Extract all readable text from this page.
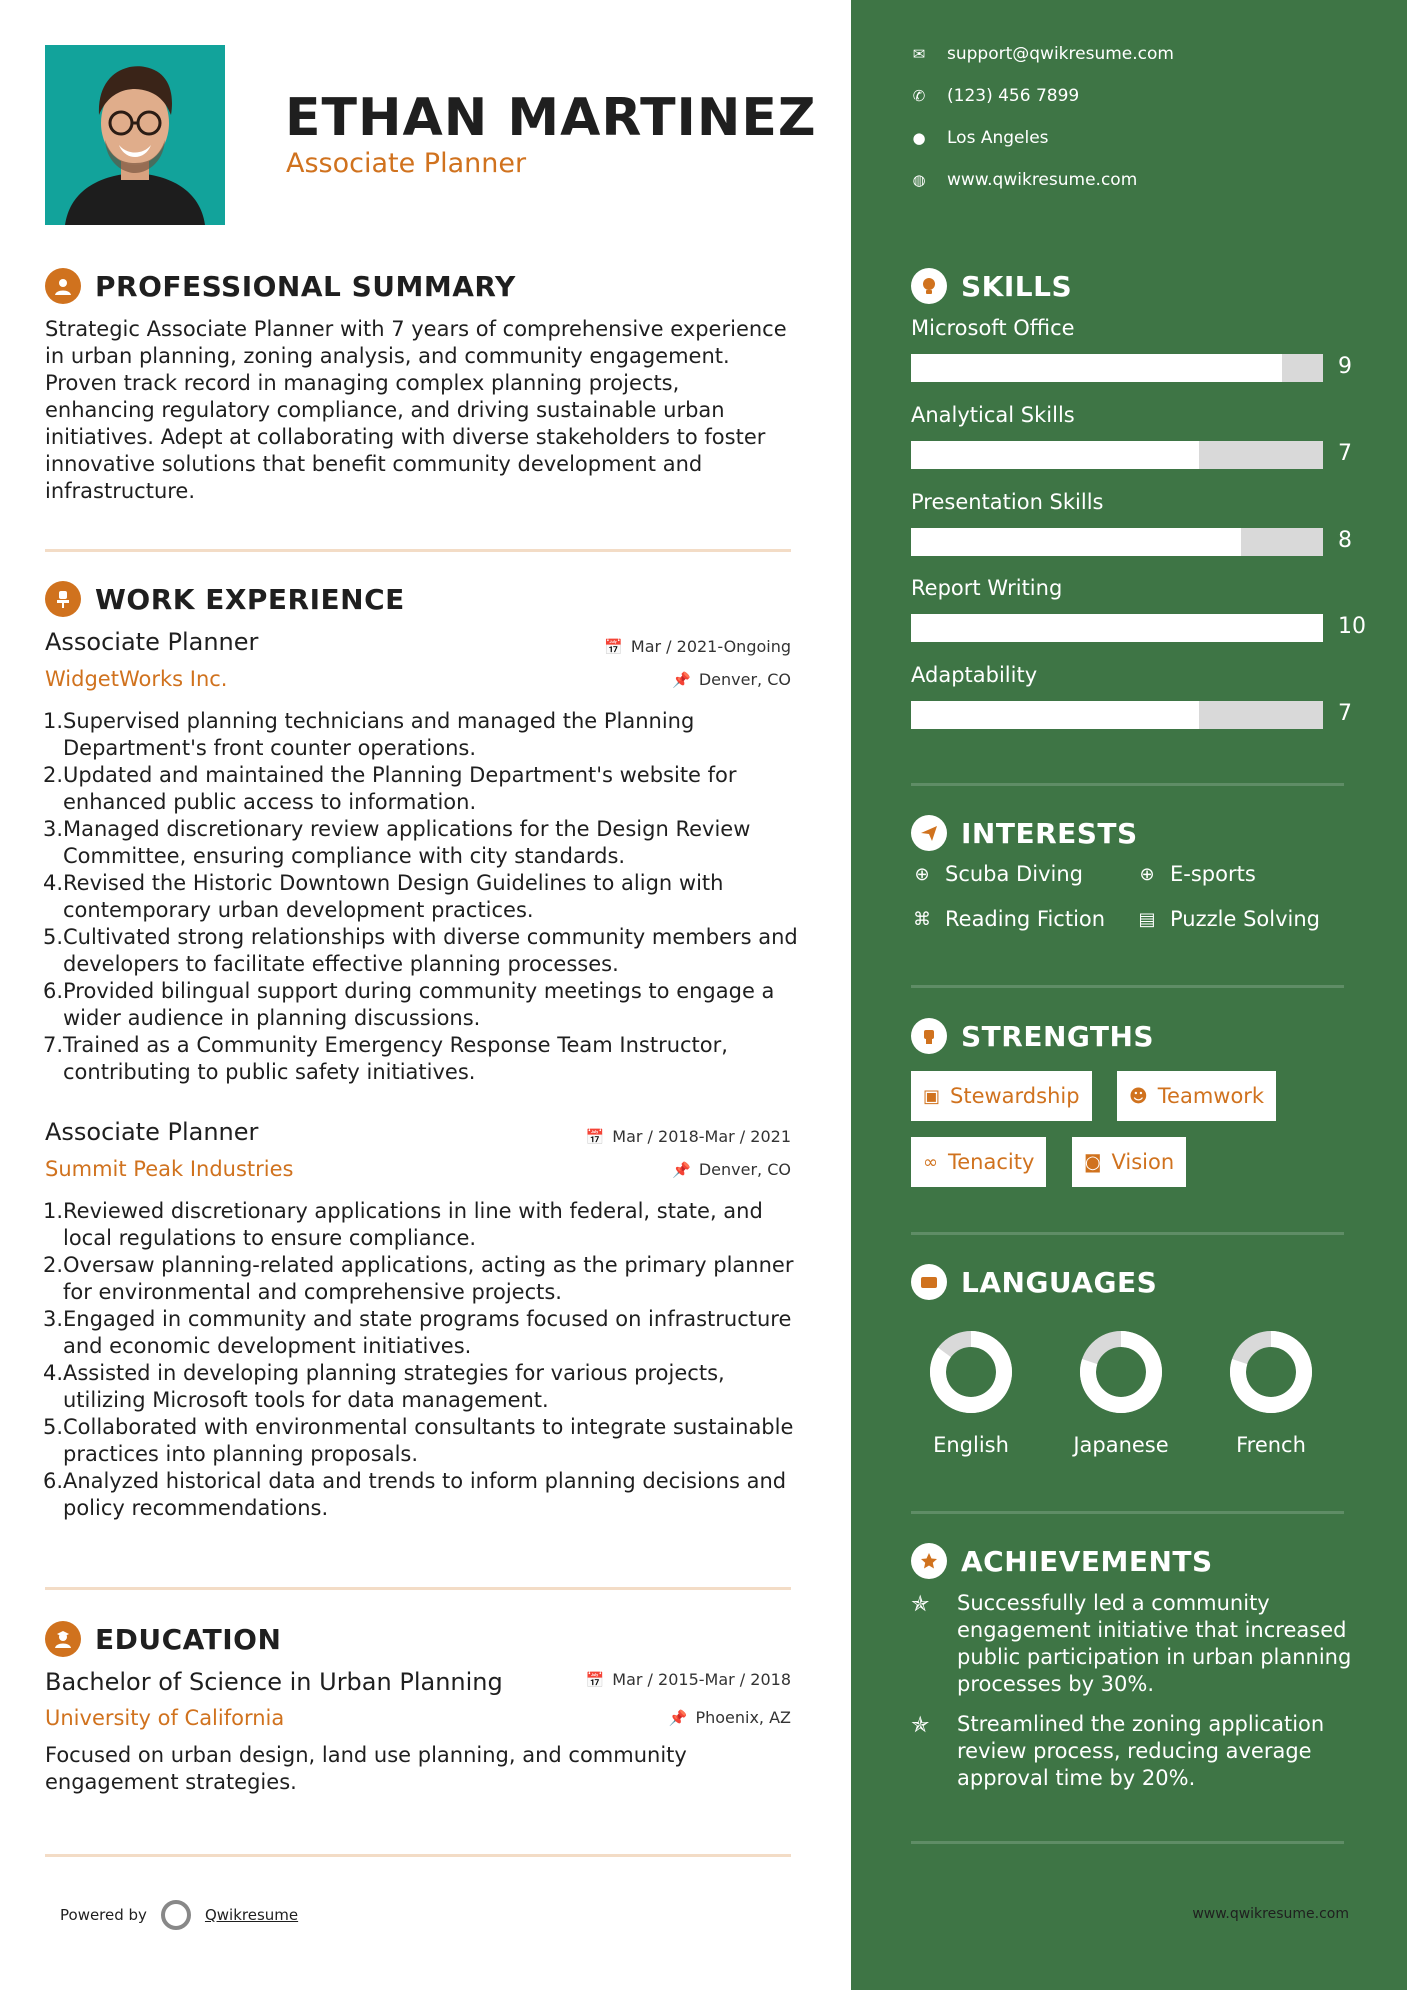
ETHAN MARTINEZ
Associate Planner
PROFESSIONAL SUMMARY
Strategic Associate Planner with 7 years of comprehensive experience in urban planning, zoning analysis, and community engagement. Proven track record in managing complex planning projects, enhancing regulatory compliance, and driving sustainable urban initiatives. Adept at collaborating with diverse stakeholders to foster innovative solutions that benefit community development and infrastructure.
WORK EXPERIENCE
Associate Planner	📅 Mar / 2021-Ongoing
WidgetWorks Inc.	📌 Denver, CO
1. Supervised planning technicians and managed the Planning Department's front counter operations.
2. Updated and maintained the Planning Department's website for enhanced public access to information.
3. Managed discretionary review applications for the Design Review Committee, ensuring compliance with city standards.
4. Revised the Historic Downtown Design Guidelines to align with contemporary urban development practices.
5. Cultivated strong relationships with diverse community members and developers to facilitate effective planning processes.
6. Provided bilingual support during community meetings to engage a wider audience in planning discussions.
7. Trained as a Community Emergency Response Team Instructor, contributing to public safety initiatives.
Associate Planner	📅 Mar / 2018-Mar / 2021
Summit Peak Industries	📌 Denver, CO
1. Reviewed discretionary applications in line with federal, state, and local regulations to ensure compliance.
2. Oversaw planning-related applications, acting as the primary planner for environmental and comprehensive projects.
3. Engaged in community and state programs focused on infrastructure and economic development initiatives.
4. Assisted in developing planning strategies for various projects, utilizing Microsoft tools for data management.
5. Collaborated with environmental consultants to integrate sustainable practices into planning proposals.
6. Analyzed historical data and trends to inform planning decisions and policy recommendations.
EDUCATION
Bachelor of Science in Urban Planning	📅 Mar / 2015-Mar / 2018
University of California	📌 Phoenix, AZ
Focused on urban design, land use planning, and community engagement strategies.
Powered by	Qwikresume
✉ support@qwikresume.com
✆ (123) 456 7899
● Los Angeles
◍ www.qwikresume.com
SKILLS
Microsoft Office
9
Analytical Skills
7
Presentation Skills
8
Report Writing
10
Adaptability
7
INTERESTS
⊕ Scuba Diving	⊕ E-sports
⌘ Reading Fiction ▤ Puzzle Solving
STRENGTHS
▣ Stewardship	☻ Teamwork
∞ Tenacity	◙ Vision
LANGUAGES
English	Japanese	French
ACHIEVEMENTS
✯	Successfully led a community engagement initiative that increased public participation in urban planning processes by 30%.
✯	Streamlined the zoning application review process, reducing average approval time by 20%.
www.qwikresume.com
